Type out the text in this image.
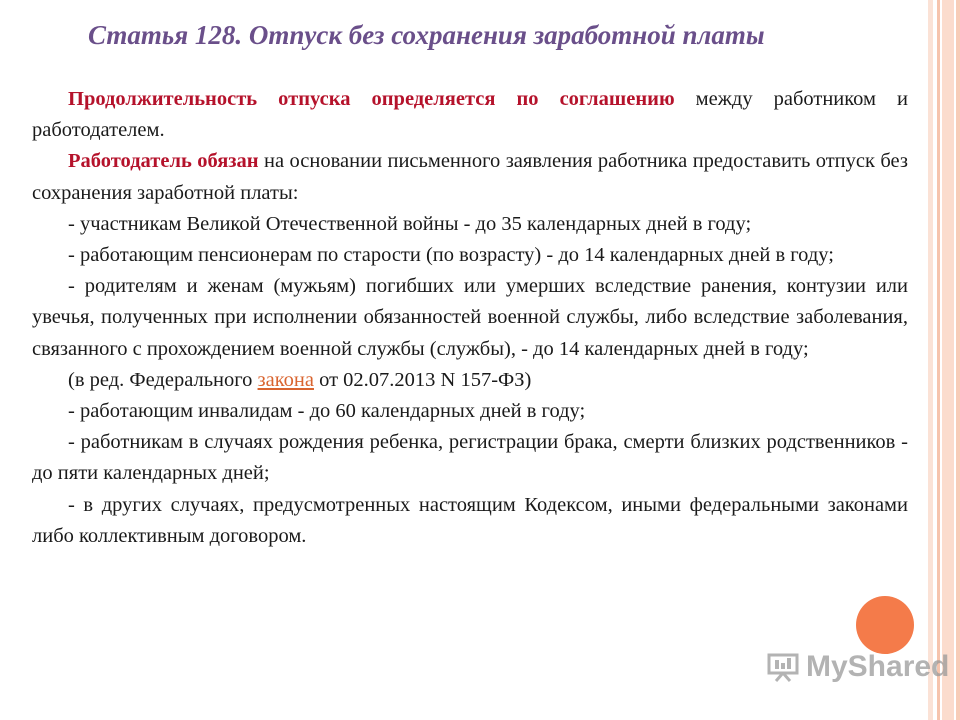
Статья 128. Отпуск без сохранения заработной платы

Продолжительность отпуска определяется по соглашению между работником и работодателем.

Работодатель обязан на основании письменного заявления работника предоставить отпуск без сохранения заработной платы:

- участникам Великой Отечественной войны - до 35 календарных дней в году;

- работающим пенсионерам по старости (по возрасту) - до 14 календарных дней в году;

- родителям и женам (мужьям) погибших или умерших вследствие ранения, контузии или увечья, полученных при исполнении обязанностей военной службы, либо вследствие заболевания, связанного с прохождением военной службы (службы), - до 14 календарных дней в году;

(в ред. Федерального закона от 02.07.2013 N 157-ФЗ)

- работающим инвалидам - до 60 календарных дней в году;

- работникам в случаях рождения ребенка, регистрации брака, смерти близких родственников - до пяти календарных дней;

- в других случаях, предусмотренных настоящим Кодексом, иными федеральными законами либо коллективным договором.

MyShared
